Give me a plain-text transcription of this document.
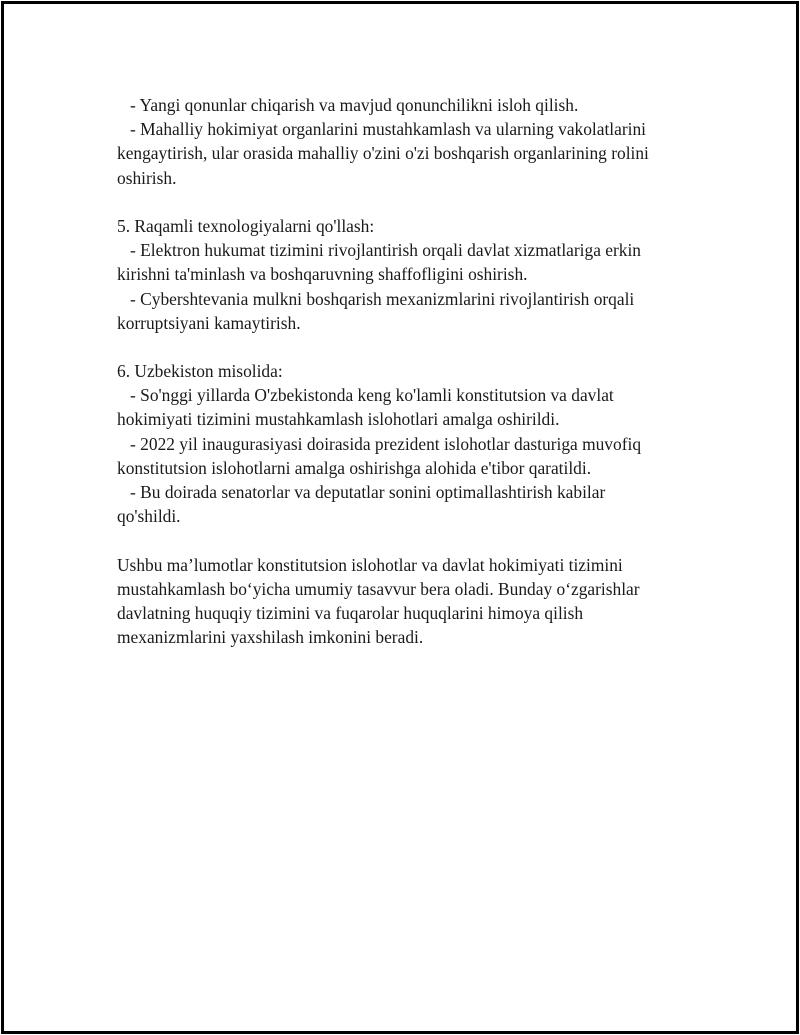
- Yangi qonunlar chiqarish va mavjud qonunchilikni isloh qilish.
- Mahalliy hokimiyat organlarini mustahkamlash va ularning vakolatlarini
kengaytirish, ular orasida mahalliy o'zini o'zi boshqarish organlarining rolini
oshirish.
5. Raqamli texnologiyalarni qo'llash:
- Elektron hukumat tizimini rivojlantirish orqali davlat xizmatlariga erkin
kirishni ta'minlash va boshqaruvning shaffofligini oshirish.
- Cybershtevania mulkni boshqarish mexanizmlarini rivojlantirish orqali
korruptsiyani kamaytirish.
6. Uzbekiston misolida:
- So'nggi yillarda O'zbekistonda keng ko'lamli konstitutsion va davlat
hokimiyati tizimini mustahkamlash islohotlari amalga oshirildi.
- 2022 yil inaugurasiyasi doirasida prezident islohotlar dasturiga muvofiq
konstitutsion islohotlarni amalga oshirishga alohida e'tibor qaratildi.
- Bu doirada senatorlar va deputatlar sonini optimallashtirish kabilar
qo'shildi.
Ushbu ma’lumotlar konstitutsion islohotlar va davlat hokimiyati tizimini
mustahkamlash bo‘yicha umumiy tasavvur bera oladi. Bunday o‘zgarishlar
davlatning huquqiy tizimini va fuqarolar huquqlarini himoya qilish
mexanizmlarini yaxshilash imkonini beradi.
